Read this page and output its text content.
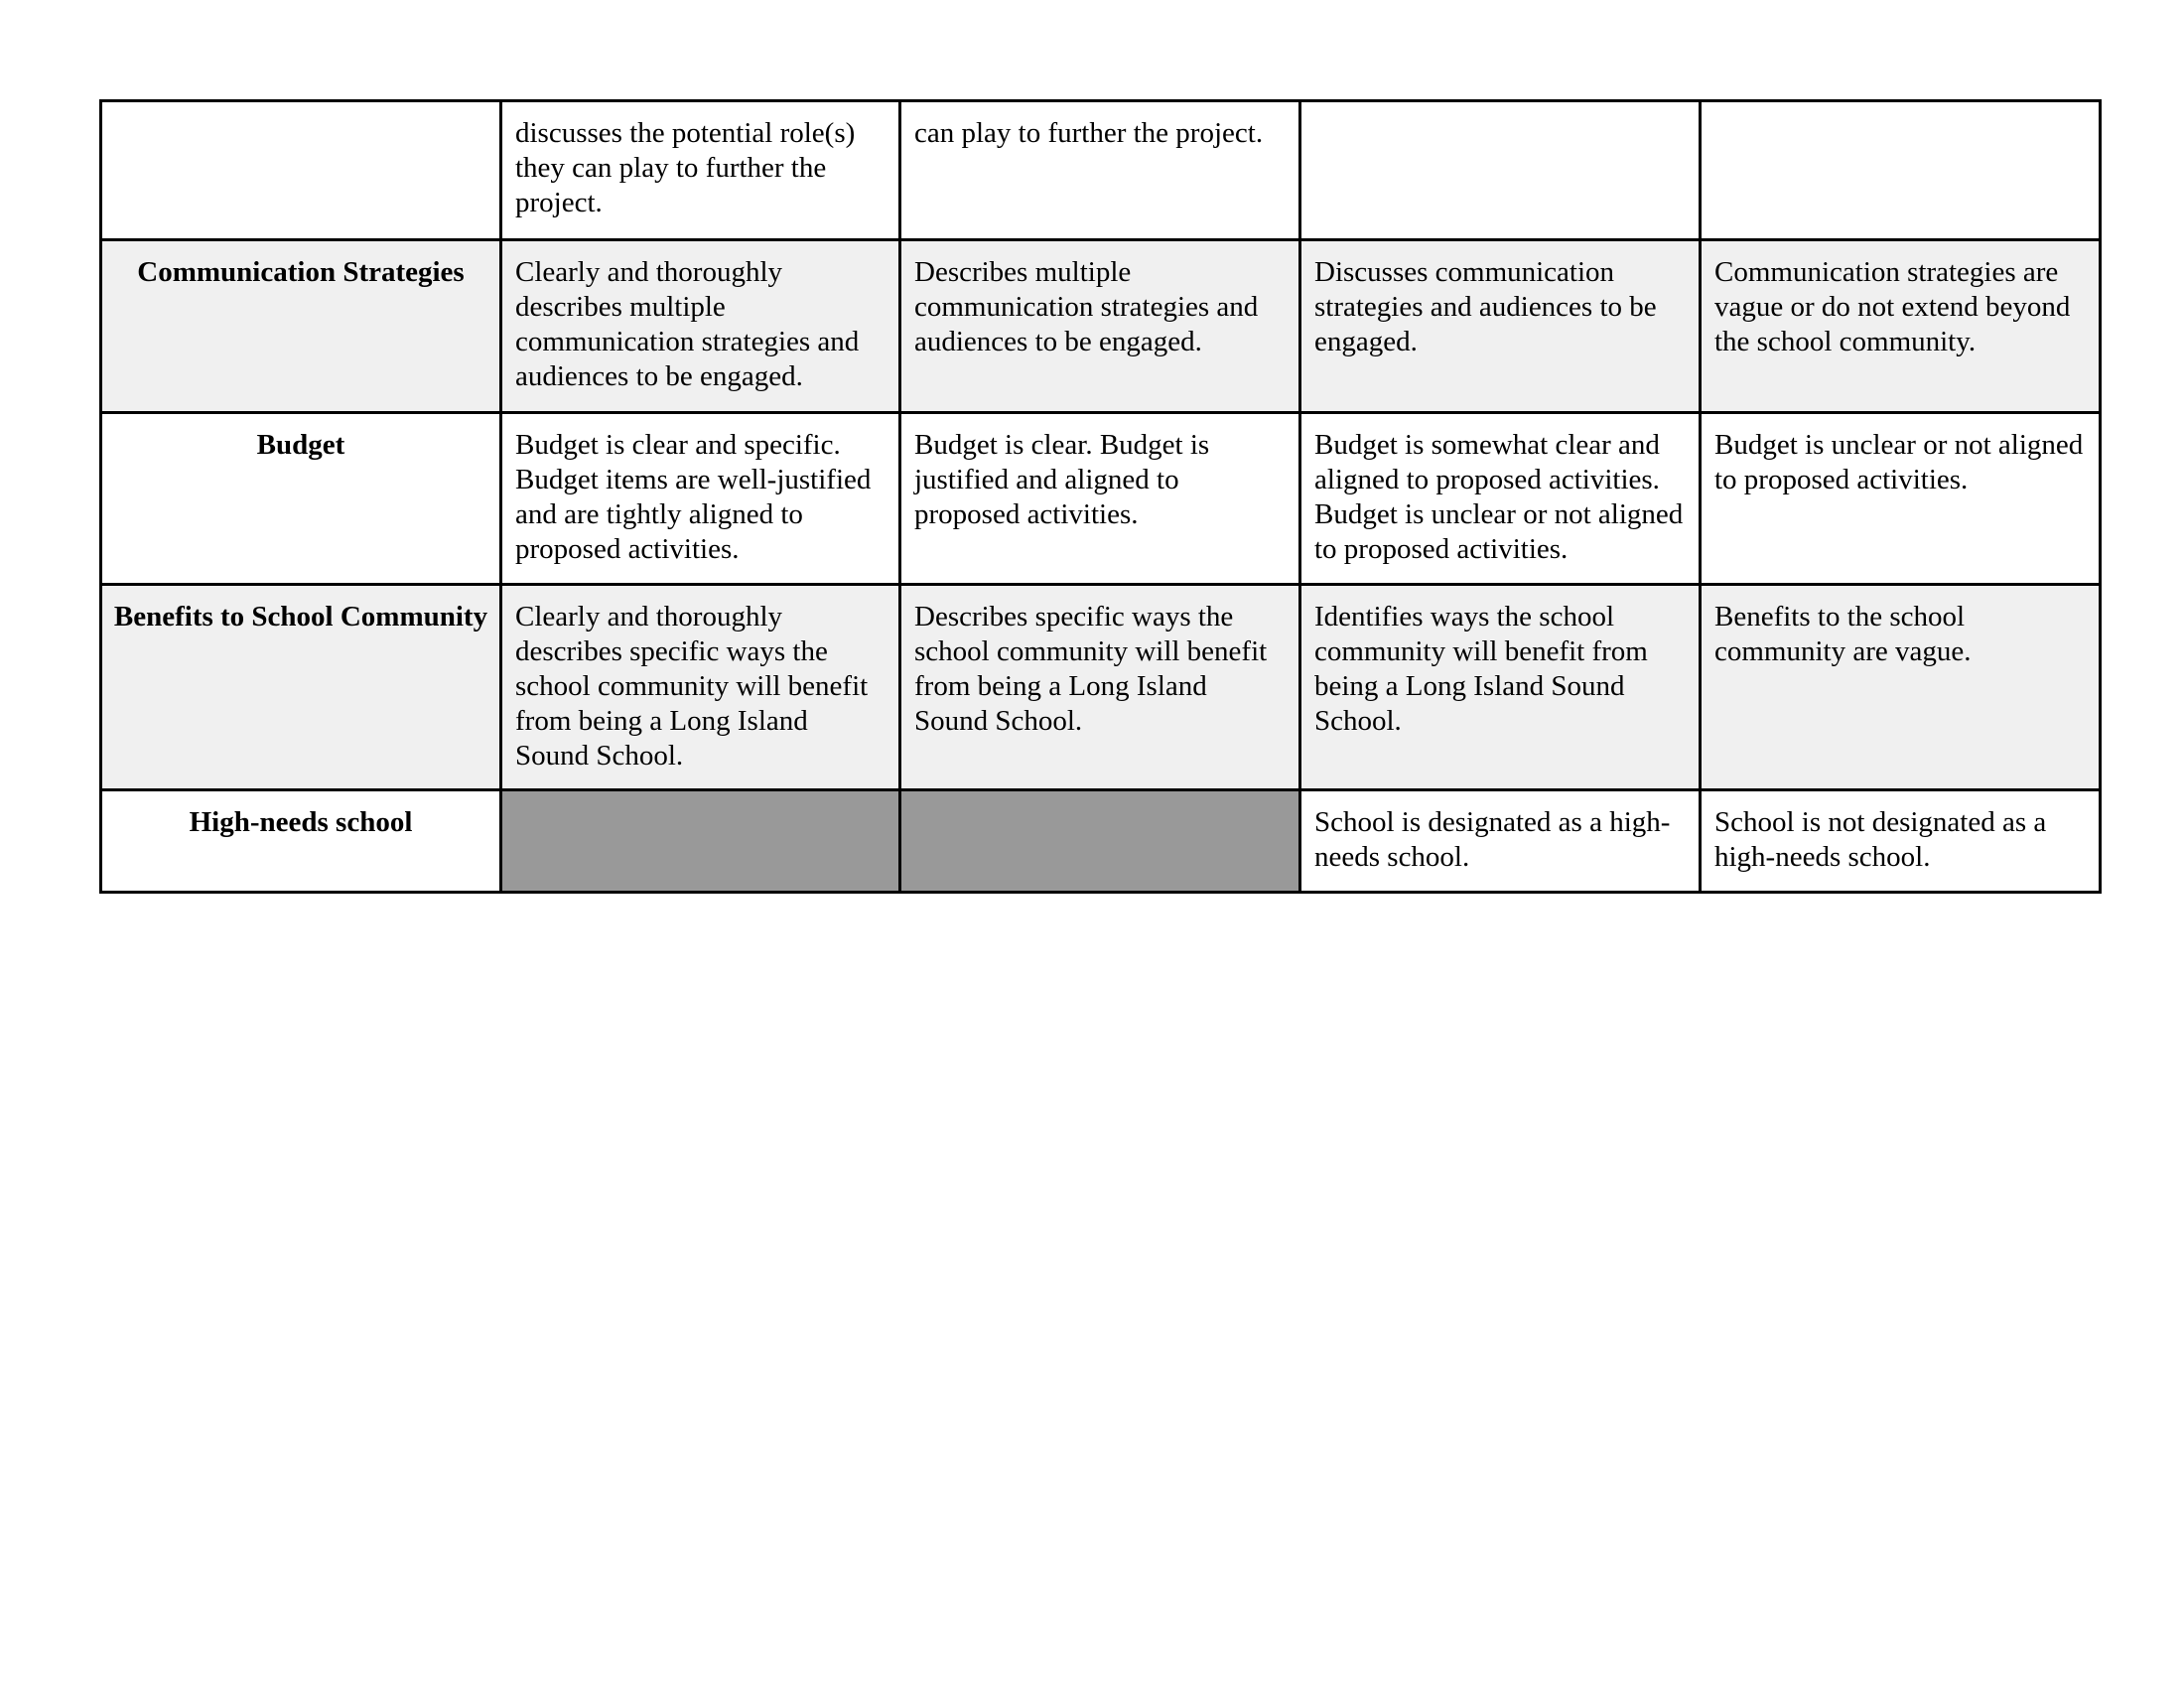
	discusses the potential role(s) they can play to further the project.	can play to further the project.		
Communication Strategies	Clearly and thoroughly describes multiple communication strategies and audiences to be engaged.	Describes multiple communication strategies and audiences to be engaged.	Discusses communication strategies and audiences to be engaged.	Communication strategies are vague or do not extend beyond the school community.
Budget	Budget is clear and specific. Budget items are well-justified and are tightly aligned to proposed activities.	Budget is clear. Budget is justified and aligned to proposed activities.	Budget is somewhat clear and aligned to proposed activities. Budget is unclear or not aligned to proposed activities.	Budget is unclear or not aligned to proposed activities.
Benefits to School Community	Clearly and thoroughly describes specific ways the school community will benefit from being a Long Island Sound School.	Describes specific ways the school community will benefit from being a Long Island Sound School.	Identifies ways the school community will benefit from being a Long Island Sound School.	Benefits to the school community are vague.
High-needs school			School is designated as a high-needs school.	School is not designated as a high-needs school.
